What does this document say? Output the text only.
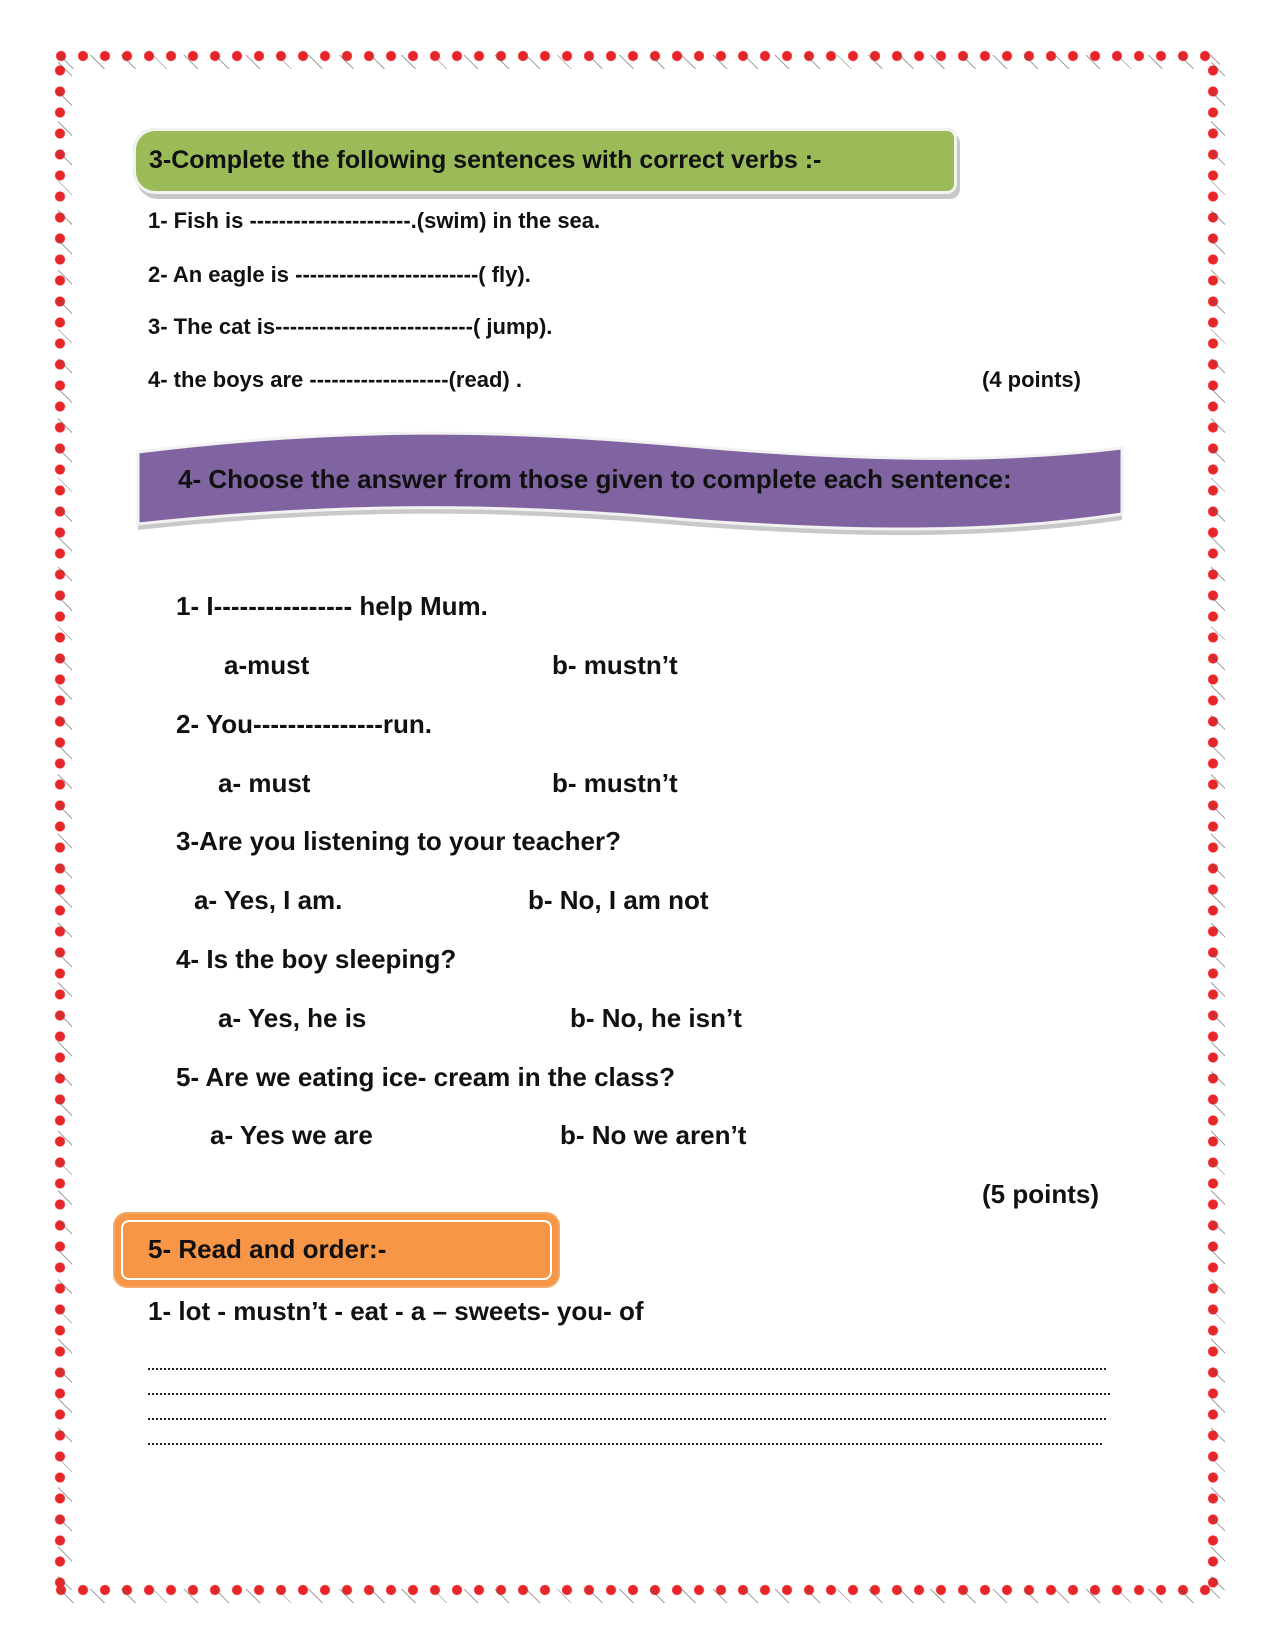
3-Complete the following sentences with correct verbs :-
1- Fish is ----------------------.(swim) in the sea.
2- An eagle is -------------------------( fly).
3- The cat is---------------------------( jump).
4- the boys are -------------------(read) .	(4 points)
4- Choose the answer from those given to complete each sentence:
1- I---------------- help Mum.
a-must	b- mustn’t
2- You---------------run.
a- must	b- mustn’t
3-Are you listening to your teacher?
a- Yes, I am.	b- No, I am not
4- Is the boy sleeping?
a- Yes, he is	b- No, he isn’t
5- Are we eating ice- cream in the class?
a- Yes we are	b- No we aren’t
(5 points)
5- Read and order:-
1- lot - mustn’t - eat - a – sweets- you- of
